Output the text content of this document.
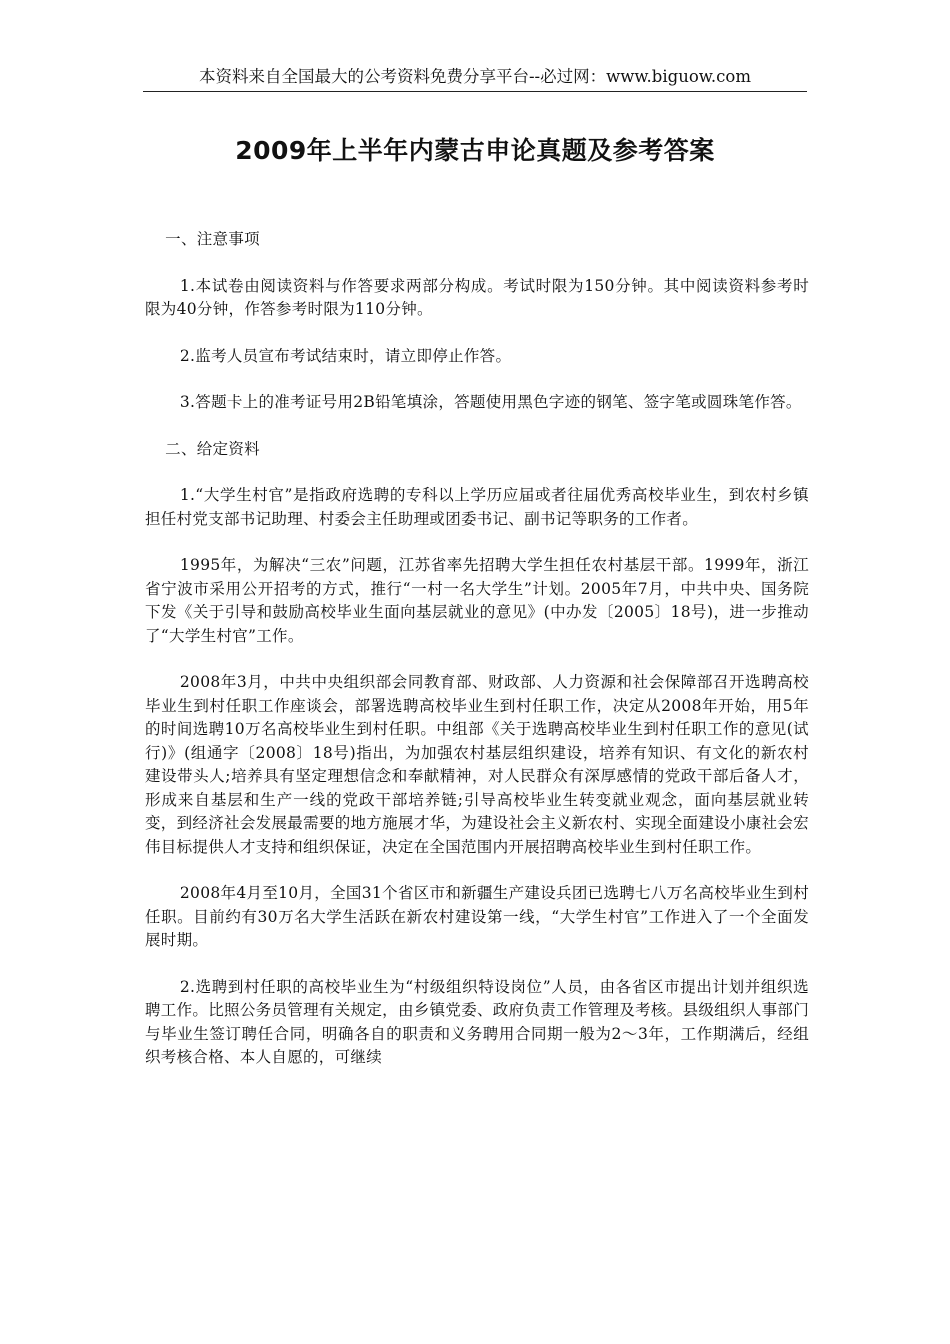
本资料来自全国最大的公考资料免费分享平台--必过网：www.biguow.com
2009年上半年内蒙古申论真题及参考答案

一、注意事项

1.本试卷由阅读资料与作答要求两部分构成。考试时限为150分钟。其中阅读资料参考时限为40分钟，作答参考时限为110分钟。

2.监考人员宣布考试结束时，请立即停止作答。

3.答题卡上的准考证号用2B铅笔填涂，答题使用黑色字迹的钢笔、签字笔或圆珠笔作答。

二、给定资料

1.“大学生村官”是指政府选聘的专科以上学历应届或者往届优秀高校毕业生，到农村乡镇担任村党支部书记助理、村委会主任助理或团委书记、副书记等职务的工作者。

1995年，为解决“三农”问题，江苏省率先招聘大学生担任农村基层干部。1999年，浙江省宁波市采用公开招考的方式，推行“一村一名大学生”计划。2005年7月，中共中央、国务院下发《关于引导和鼓励高校毕业生面向基层就业的意见》(中办发〔2005〕18号)，进一步推动了“大学生村官”工作。

2008年3月，中共中央组织部会同教育部、财政部、人力资源和社会保障部召开选聘高校毕业生到村任职工作座谈会，部署选聘高校毕业生到村任职工作，决定从2008年开始，用5年的时间选聘10万名高校毕业生到村任职。中组部《关于选聘高校毕业生到村任职工作的意见(试行)》(组通字〔2008〕18号)指出，为加强农村基层组织建设，培养有知识、有文化的新农村建设带头人;培养具有坚定理想信念和奉献精神，对人民群众有深厚感情的党政干部后备人才，形成来自基层和生产一线的党政干部培养链;引导高校毕业生转变就业观念，面向基层就业转变，到经济社会发展最需要的地方施展才华，为建设社会主义新农村、实现全面建设小康社会宏伟目标提供人才支持和组织保证，决定在全国范围内开展招聘高校毕业生到村任职工作。

2008年4月至10月，全国31个省区市和新疆生产建设兵团已选聘七八万名高校毕业生到村任职。目前约有30万名大学生活跃在新农村建设第一线，“大学生村官”工作进入了一个全面发展时期。

2.选聘到村任职的高校毕业生为“村级组织特设岗位”人员，由各省区市提出计划并组织选聘工作。比照公务员管理有关规定，由乡镇党委、政府负责工作管理及考核。县级组织人事部门与毕业生签订聘任合同，明确各自的职责和义务聘用合同期一般为2～3年，工作期满后，经组织考核合格、本人自愿的，可继续
